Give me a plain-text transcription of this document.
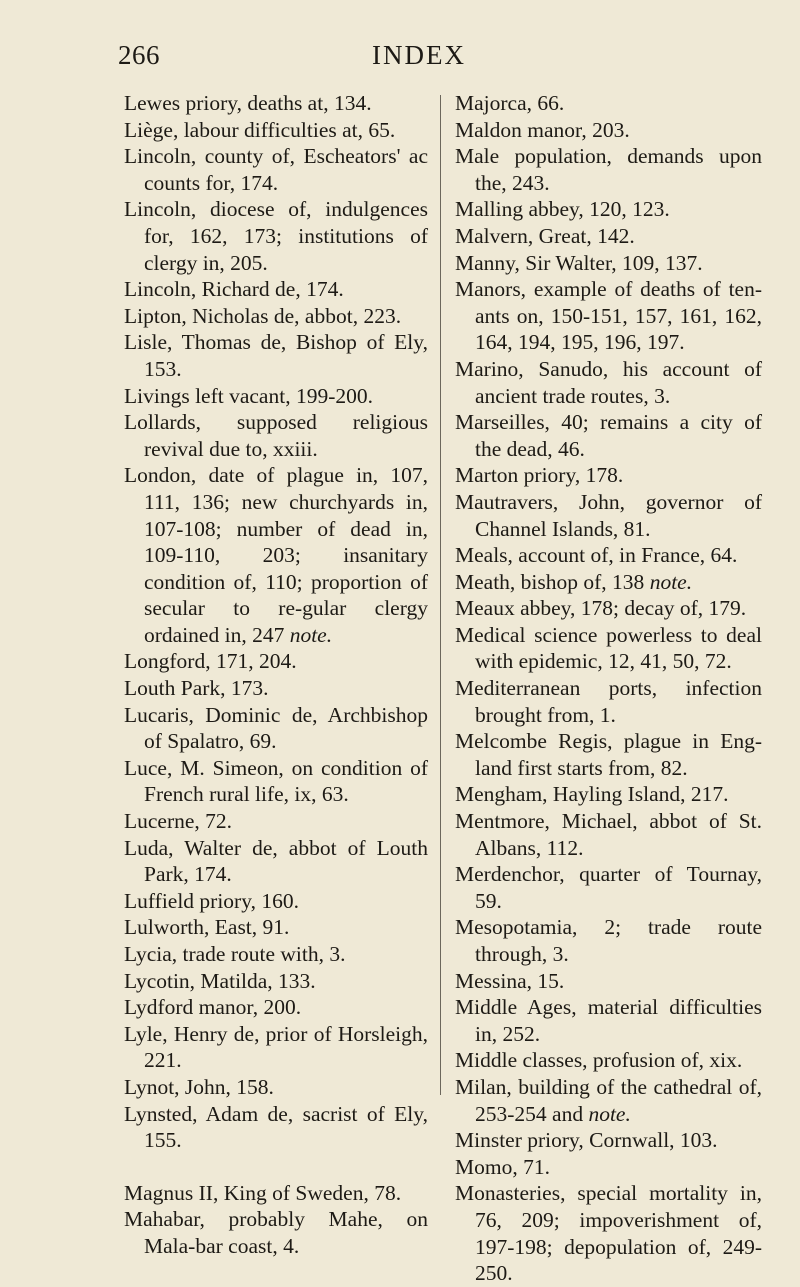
266	INDEX

Lewes priory, deaths at, 134.

Liège, labour difficulties at, 65.

Lincoln, county of, Escheators' ac counts for, 174.

Lincoln, diocese of, indulgences for, 162, 173; institutions of clergy in, 205.

Lincoln, Richard de, 174.

Lipton, Nicholas de, abbot, 223.

Lisle, Thomas de, Bishop of Ely, 153.

Livings left vacant, 199-200.

Lollards, supposed religious revival due to, xxiii.

London, date of plague in, 107, 111, 136; new churchyards in, 107-108; number of dead in, 109-110, 203; insanitary condition of, 110; proportion of secular to re-gular clergy ordained in, 247 note.

Longford, 171, 204.

Louth Park, 173.

Lucaris, Dominic de, Archbishop of Spalatro, 69.

Luce, M. Simeon, on condition of French rural life, ix, 63.

Lucerne, 72.

Luda, Walter de, abbot of Louth Park, 174.

Luffield priory, 160.

Lulworth, East, 91.

Lycia, trade route with, 3.

Lycotin, Matilda, 133.

Lydford manor, 200.

Lyle, Henry de, prior of Horsleigh, 221.

Lynot, John, 158.

Lynsted, Adam de, sacrist of Ely, 155.

Magnus II, King of Sweden, 78.

Mahabar, probably Mahe, on Mala-bar coast, 4.

Majorca, 66.

Maldon manor, 203.

Male population, demands upon the, 243.

Malling abbey, 120, 123.

Malvern, Great, 142.

Manny, Sir Walter, 109, 137.

Manors, example of deaths of ten-ants on, 150-151, 157, 161, 162, 164, 194, 195, 196, 197.

Marino, Sanudo, his account of ancient trade routes, 3.

Marseilles, 40; remains a city of the dead, 46.

Marton priory, 178.

Mautravers, John, governor of Channel Islands, 81.

Meals, account of, in France, 64.

Meath, bishop of, 138 note.

Meaux abbey, 178; decay of, 179.

Medical science powerless to deal with epidemic, 12, 41, 50, 72.

Mediterranean ports, infection brought from, 1.

Melcombe Regis, plague in Eng-land first starts from, 82.

Mengham, Hayling Island, 217.

Mentmore, Michael, abbot of St. Albans, 112.

Merdenchor, quarter of Tournay, 59.

Mesopotamia, 2; trade route through, 3.

Messina, 15.

Middle Ages, material difficulties in, 252.

Middle classes, profusion of, xix.

Milan, building of the cathedral of, 253-254 and note.

Minster priory, Cornwall, 103.

Momo, 71.

Monasteries, special mortality in, 76, 209; impoverishment of, 197-198; depopulation of, 249-250.
